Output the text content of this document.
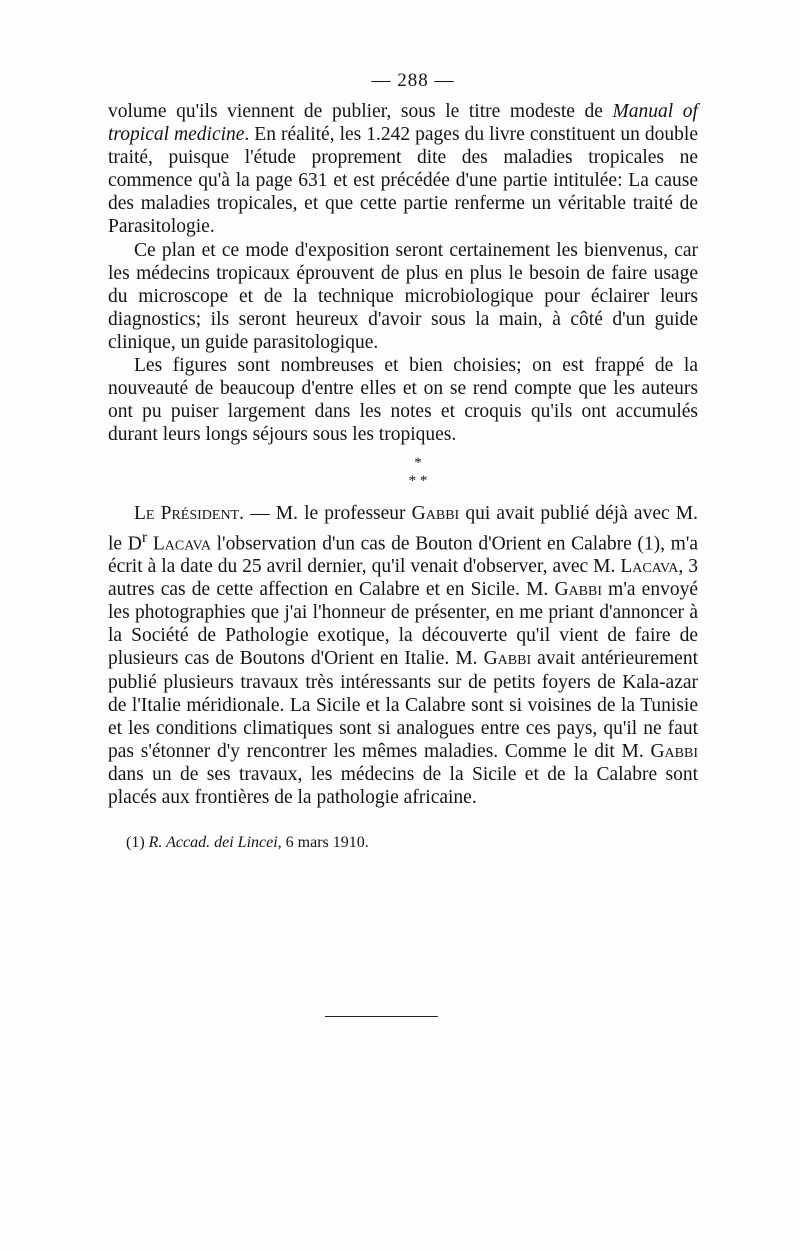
— 288 —

volume qu'ils viennent de publier, sous le titre modeste de Manual of tropical medicine. En réalité, les 1.242 pages du livre constituent un double traité, puisque l'étude proprement dite des maladies tropicales ne commence qu'à la page 631 et est précédée d'une partie intitulée: La cause des maladies tropicales, et que cette partie renferme un véritable traité de Parasitologie.

Ce plan et ce mode d'exposition seront certainement les bienvenus, car les médecins tropicaux éprouvent de plus en plus le besoin de faire usage du microscope et de la technique microbiologique pour éclairer leurs diagnostics; ils seront heureux d'avoir sous la main, à côté d'un guide clinique, un guide parasitologique.

Les figures sont nombreuses et bien choisies; on est frappé de la nouveauté de beaucoup d'entre elles et on se rend compte que les auteurs ont pu puiser largement dans les notes et croquis qu'ils ont accumulés durant leurs longs séjours sous les tropiques.

*
* *

Le Président. — M. le professeur Gabbi qui avait publié déjà avec M. le $D^r$ Lacava l'observation d'un cas de Bouton d'Orient en Calabre (1), m'a écrit à la date du 25 avril dernier, qu'il venait d'observer, avec M. Lacava, 3 autres cas de cette affection en Calabre et en Sicile. M. Gabbi m'a envoyé les photographies que j'ai l'honneur de présenter, en me priant d'annoncer à la Société de Pathologie exotique, la découverte qu'il vient de faire de plusieurs cas de Boutons d'Orient en Italie. M. Gabbi avait antérieurement publié plusieurs travaux très intéressants sur de petits foyers de Kala-azar de l'Italie méridionale. La Sicile et la Calabre sont si voisines de la Tunisie et les conditions climatiques sont si analogues entre ces pays, qu'il ne faut pas s'étonner d'y rencontrer les mêmes maladies. Comme le dit M. Gabbi dans un de ses travaux, les médecins de la Sicile et de la Calabre sont placés aux frontières de la pathologie africaine.

(1) R. Accad. dei Lincei, 6 mars 1910.
